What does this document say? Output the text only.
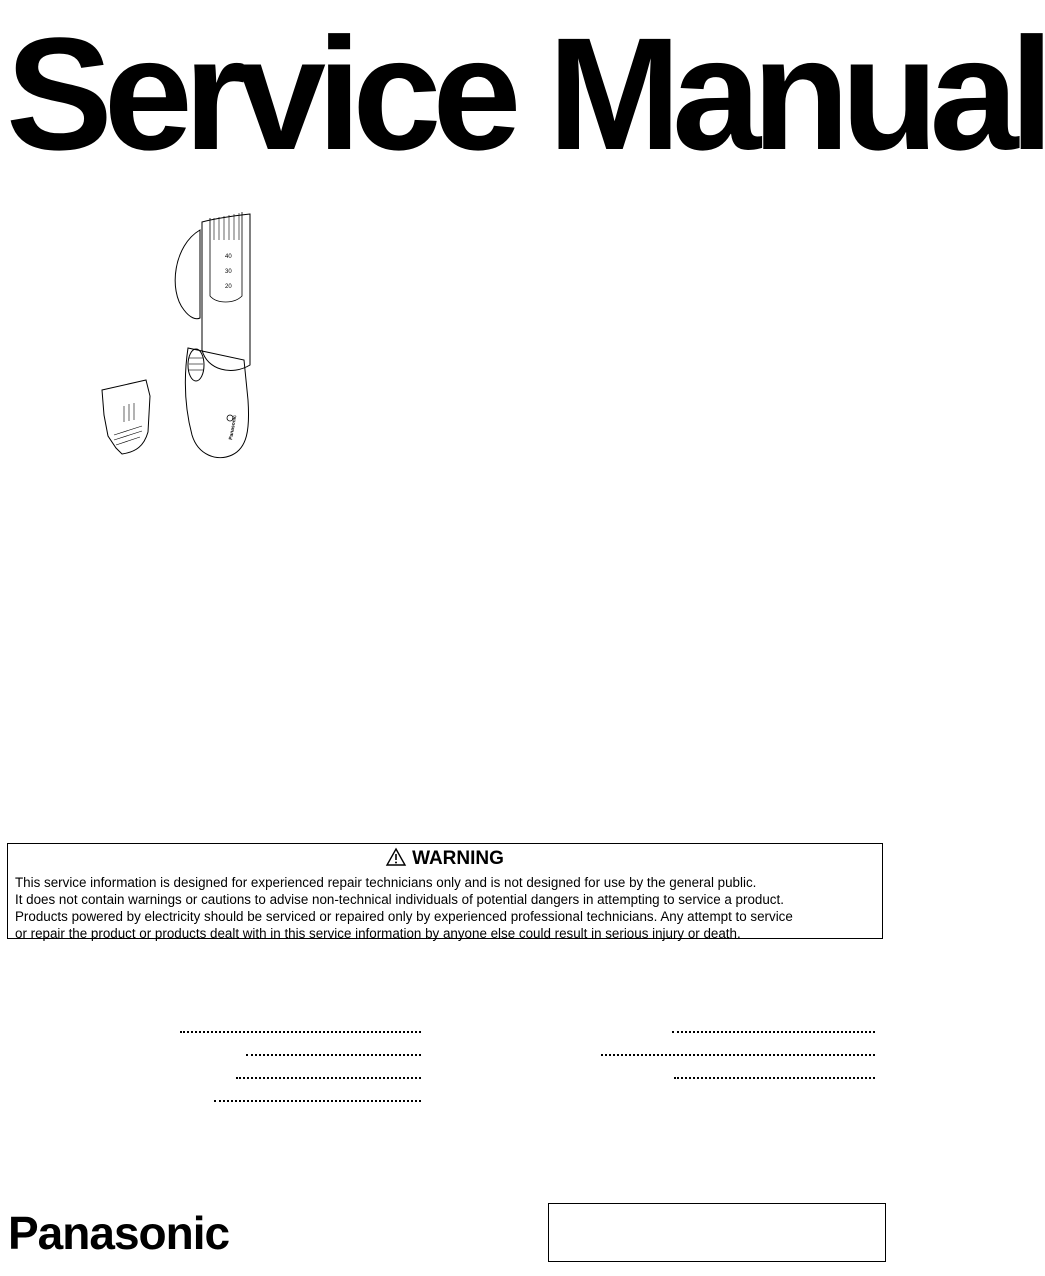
Service Manual
40
30
20
Panasonic
WARNING
This service information is designed for experienced repair technicians only and is not designed for use by the general public.
It does not contain warnings or cautions to advise non-technical individuals of potential dangers in attempting to service a product.
Products powered by electricity should be serviced or repaired only by experienced professional technicians. Any attempt to service
or repair the product or products dealt with in this service information by anyone else could result in serious injury or death.
Panasonic
